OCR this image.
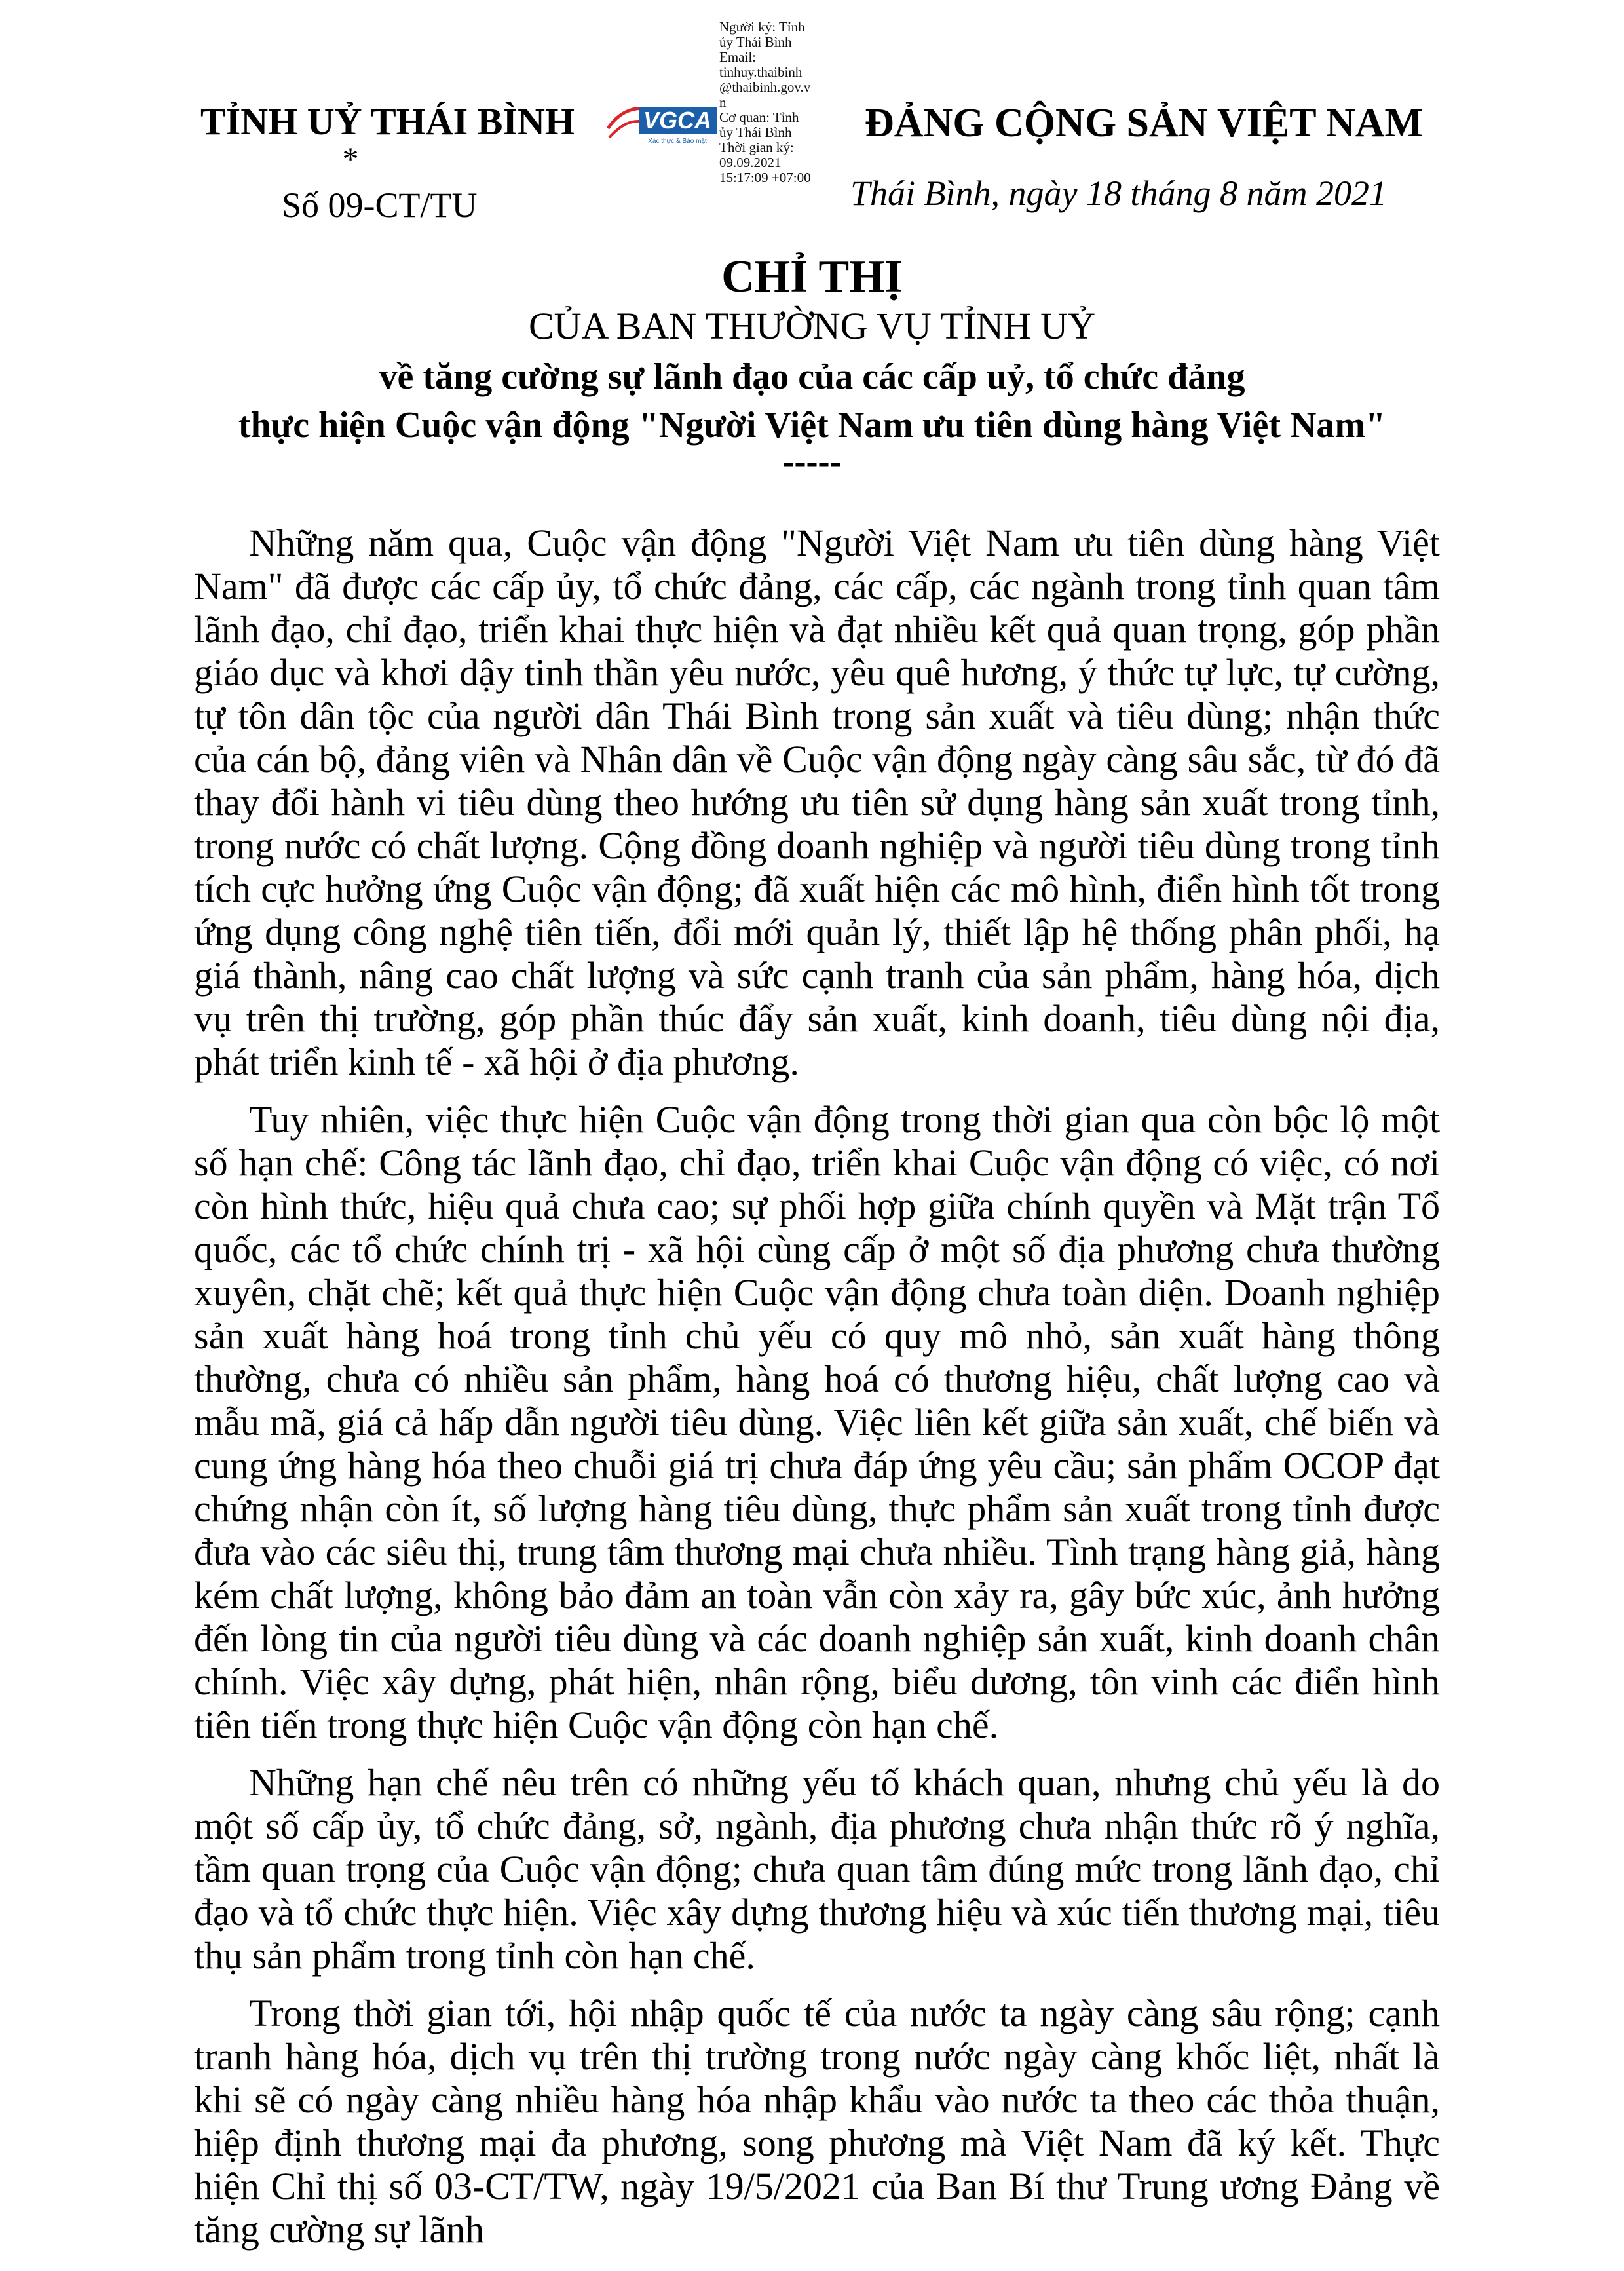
TỈNH UỶ THÁI BÌNH
*
Số 09-CT/TU
VGCA
Xác thực & Bảo mật
Người ký: Tỉnh
ủy Thái Bình
Email:
tinhuy.thaibinh
@thaibinh.gov.v
n
Cơ quan: Tỉnh
ủy Thái Bình
Thời gian ký:
09.09.2021
15:17:09 +07:00
ĐẢNG CỘNG SẢN VIỆT NAM
Thái Bình, ngày 18 tháng 8 năm 2021
CHỈ THỊ
CỦA BAN THƯỜNG VỤ TỈNH UỶ
về tăng cường sự lãnh đạo của các cấp uỷ, tổ chức đảng
thực hiện Cuộc vận động "Người Việt Nam ưu tiên dùng hàng Việt Nam"
-----

Những năm qua, Cuộc vận động "Người Việt Nam ưu tiên dùng hàng Việt Nam" đã được các cấp ủy, tổ chức đảng, các cấp, các ngành trong tỉnh quan tâm lãnh đạo, chỉ đạo, triển khai thực hiện và đạt nhiều kết quả quan trọng, góp phần giáo dục và khơi dậy tinh thần yêu nước, yêu quê hương, ý thức tự lực, tự cường, tự tôn dân tộc của người dân Thái Bình trong sản xuất và tiêu dùng; nhận thức của cán bộ, đảng viên và Nhân dân về Cuộc vận động ngày càng sâu sắc, từ đó đã thay đổi hành vi tiêu dùng theo hướng ưu tiên sử dụng hàng sản xuất trong tỉnh, trong nước có chất lượng. Cộng đồng doanh nghiệp và người tiêu dùng trong tỉnh tích cực hưởng ứng Cuộc vận động; đã xuất hiện các mô hình, điển hình tốt trong ứng dụng công nghệ tiên tiến, đổi mới quản lý, thiết lập hệ thống phân phối, hạ giá thành, nâng cao chất lượng và sức cạnh tranh của sản phẩm, hàng hóa, dịch vụ trên thị trường, góp phần thúc đẩy sản xuất, kinh doanh, tiêu dùng nội địa, phát triển kinh tế - xã hội ở địa phương.

Tuy nhiên, việc thực hiện Cuộc vận động trong thời gian qua còn bộc lộ một số hạn chế: Công tác lãnh đạo, chỉ đạo, triển khai Cuộc vận động có việc, có nơi còn hình thức, hiệu quả chưa cao; sự phối hợp giữa chính quyền và Mặt trận Tổ quốc, các tổ chức chính trị - xã hội cùng cấp ở một số địa phương chưa thường xuyên, chặt chẽ; kết quả thực hiện Cuộc vận động chưa toàn diện. Doanh nghiệp sản xuất hàng hoá trong tỉnh chủ yếu có quy mô nhỏ, sản xuất hàng thông thường, chưa có nhiều sản phẩm, hàng hoá có thương hiệu, chất lượng cao và mẫu mã, giá cả hấp dẫn người tiêu dùng. Việc liên kết giữa sản xuất, chế biến và cung ứng hàng hóa theo chuỗi giá trị chưa đáp ứng yêu cầu; sản phẩm OCOP đạt chứng nhận còn ít, số lượng hàng tiêu dùng, thực phẩm sản xuất trong tỉnh được đưa vào các siêu thị, trung tâm thương mại chưa nhiều. Tình trạng hàng giả, hàng kém chất lượng, không bảo đảm an toàn vẫn còn xảy ra, gây bức xúc, ảnh hưởng đến lòng tin của người tiêu dùng và các doanh nghiệp sản xuất, kinh doanh chân chính. Việc xây dựng, phát hiện, nhân rộng, biểu dương, tôn vinh các điển hình tiên tiến trong thực hiện Cuộc vận động còn hạn chế.

Những hạn chế nêu trên có những yếu tố khách quan, nhưng chủ yếu là do một số cấp ủy, tổ chức đảng, sở, ngành, địa phương chưa nhận thức rõ ý nghĩa, tầm quan trọng của Cuộc vận động; chưa quan tâm đúng mức trong lãnh đạo, chỉ đạo và tổ chức thực hiện. Việc xây dựng thương hiệu và xúc tiến thương mại, tiêu thụ sản phẩm trong tỉnh còn hạn chế.

Trong thời gian tới, hội nhập quốc tế của nước ta ngày càng sâu rộng; cạnh tranh hàng hóa, dịch vụ trên thị trường trong nước ngày càng khốc liệt, nhất là khi sẽ có ngày càng nhiều hàng hóa nhập khẩu vào nước ta theo các thỏa thuận, hiệp định thương mại đa phương, song phương mà Việt Nam đã ký kết. Thực hiện Chỉ thị số 03-CT/TW, ngày 19/5/2021 của Ban Bí thư Trung ương Đảng về tăng cường sự lãnh
